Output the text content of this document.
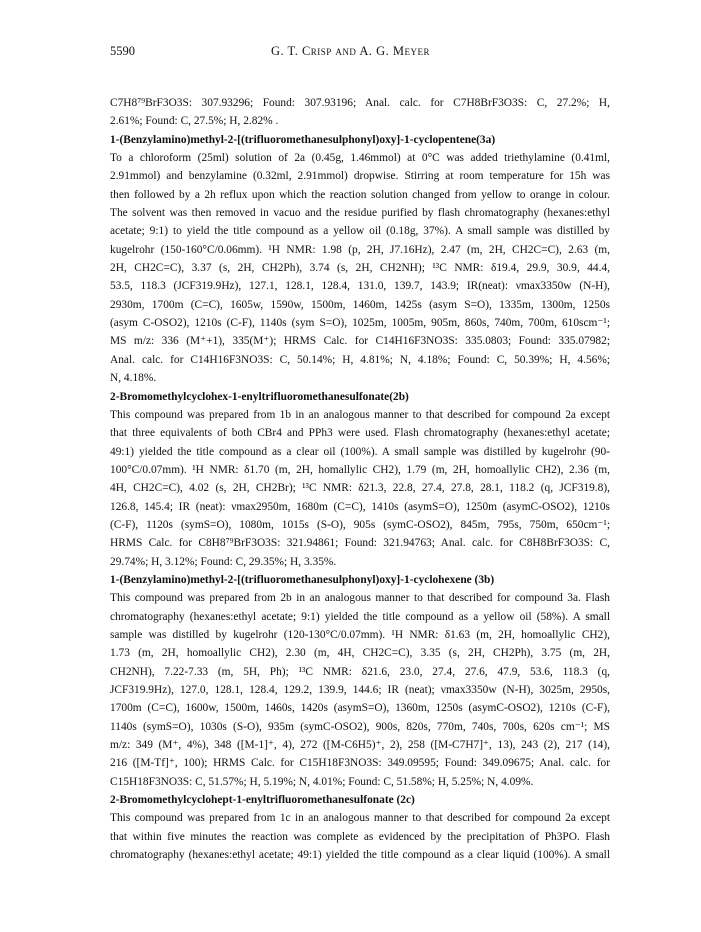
5590	G. T. Crisp and A. G. Meyer
C7H8⁷⁹BrF3O3S: 307.93296; Found: 307.93196; Anal. calc. for C7H8BrF3O3S: C, 27.2%; H,
2.61%; Found: C, 27.5%; H, 2.82% .
1-(Benzylamino)methyl-2-[(trifluoromethanesulphonyl)oxy]-1-cyclopentene(3a)
To a chloroform (25ml) solution of 2a (0.45g, 1.46mmol) at 0°C was added triethylamine (0.41ml,
2.91mmol) and benzylamine (0.32ml, 2.91mmol) dropwise. Stirring at room temperature for 15h was
then followed by a 2h reflux upon which the reaction solution changed from yellow to orange in colour.
The solvent was then removed in vacuo and the residue purified by flash chromatography (hexanes:ethyl
acetate; 9:1) to yield the title compound as a yellow oil (0.18g, 37%). A small sample was distilled by
kugelrohr (150-160°C/0.06mm). ¹H NMR: 1.98 (p, 2H, J7.16Hz), 2.47 (m, 2H, CH2C=C), 2.63 (m,
2H, CH2C=C), 3.37 (s, 2H, CH2Ph), 3.74 (s, 2H, CH2NH); ¹³C NMR: δ19.4, 29.9, 30.9, 44.4,
53.5, 118.3 (JCF319.9Hz), 127.1, 128.1, 128.4, 131.0, 139.7, 143.9; IR(neat): νmax3350w (N-H),
2930m, 1700m (C=C), 1605w, 1590w, 1500m, 1460m, 1425s (asym S=O), 1335m, 1300m, 1250s
(asym C-OSO2), 1210s (C-F), 1140s (sym S=O), 1025m, 1005m, 905m, 860s, 740m, 700m, 610scm⁻¹;
MS m/z: 336 (M⁺+1), 335(M⁺); HRMS Calc. for C14H16F3NO3S: 335.0803; Found: 335.07982;
Anal. calc. for C14H16F3NO3S: C, 50.14%; H, 4.81%; N, 4.18%; Found: C, 50.39%; H, 4.56%;
N, 4.18%.
2-Bromomethylcyclohex-1-enyltrifluoromethanesulfonate(2b)
This compound was prepared from 1b in an analogous manner to that described for compound 2a except
that three equivalents of both CBr4 and PPh3 were used. Flash chromatography (hexanes:ethyl acetate;
49:1) yielded the title compound as a clear oil (100%). A small sample was distilled by kugelrohr (90-
100°C/0.07mm). ¹H NMR: δ1.70 (m, 2H, homallylic CH2), 1.79 (m, 2H, homoallylic CH2), 2.36 (m,
4H, CH2C=C), 4.02 (s, 2H, CH2Br); ¹³C NMR: δ21.3, 22.8, 27.4, 27.8, 28.1, 118.2 (q, JCF319.8),
126.8, 145.4; IR (neat): νmax2950m, 1680m (C=C), 1410s (asymS=O), 1250m (asymC-OSO2), 1210s
(C-F), 1120s (symS=O), 1080m, 1015s (S-O), 905s (symC-OSO2), 845m, 795s, 750m, 650cm⁻¹;
HRMS Calc. for C8H8⁷⁹BrF3O3S: 321.94861; Found: 321.94763; Anal. calc. for C8H8BrF3O3S: C,
29.74%; H, 3.12%; Found: C, 29.35%; H, 3.35%.
1-(Benzylamino)methyl-2-[(trifluoromethanesulphonyl)oxy]-1-cyclohexene (3b)
This compound was prepared from 2b in an analogous manner to that described for compound 3a. Flash
chromatography (hexanes:ethyl acetate; 9:1) yielded the title compound as a yellow oil (58%). A small
sample was distilled by kugelrohr (120-130°C/0.07mm). ¹H NMR: δ1.63 (m, 2H, homoallylic CH2),
1.73 (m, 2H, homoallylic CH2), 2.30 (m, 4H, CH2C=C), 3.35 (s, 2H, CH2Ph), 3.75 (m, 2H,
CH2NH), 7.22-7.33 (m, 5H, Ph); ¹³C NMR: δ21.6, 23.0, 27.4, 27.6, 47.9, 53.6, 118.3 (q,
JCF319.9Hz), 127.0, 128.1, 128.4, 129.2, 139.9, 144.6; IR (neat); νmax3350w (N-H), 3025m, 2950s,
1700m (C=C), 1600w, 1500m, 1460s, 1420s (asymS=O), 1360m, 1250s (asymC-OSO2), 1210s (C-F),
1140s (symS=O), 1030s (S-O), 935m (symC-OSO2), 900s, 820s, 770m, 740s, 700s, 620s cm⁻¹; MS
m/z: 349 (M⁺, 4%), 348 ([M-1]⁺, 4), 272 ([M-C6H5)⁺, 2), 258 ([M-C7H7]⁺, 13), 243 (2), 217 (14),
216 ([M-Tf]⁺, 100); HRMS Calc. for C15H18F3NO3S: 349.09595; Found: 349.09675; Anal. calc. for
C15H18F3NO3S: C, 51.57%; H, 5.19%; N, 4.01%; Found: C, 51.58%; H, 5.25%; N, 4.09%.
2-Bromomethylcyclohept-1-enyltrifluoromethanesulfonate (2c)
This compound was prepared from 1c in an analogous manner to that described for compound 2a except
that within five minutes the reaction was complete as evidenced by the precipitation of Ph3PO. Flash
chromatography (hexanes:ethyl acetate; 49:1) yielded the title compound as a clear liquid (100%). A small
